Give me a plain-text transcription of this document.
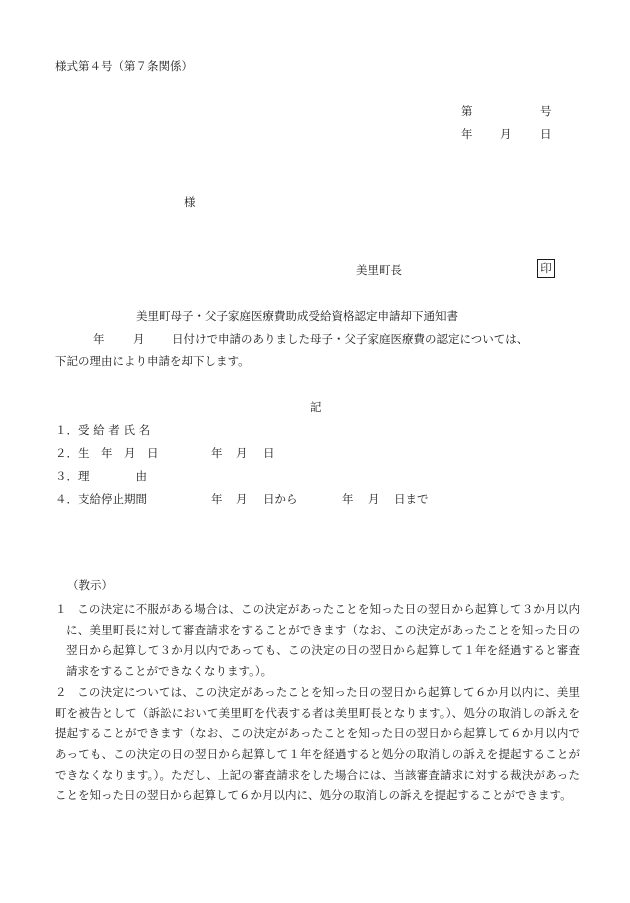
様式第４号（第７条関係）
第	号
年 月 日
様
美里町長	印
美里町母子・父子家庭医療費助成受給資格認定申請却下通知書
年 月 日付けで申請のありました母子・父子家庭医療費の認定については、
下記の理由により申請を却下します。
記
１．受 給 者 氏 名
２．生　年　月　日	年 月 日
３．理　　　　由
４．支給停止期間	年 月 日から	年 月 日まで
（教示）
１ この決定に不服がある場合は、この決定があったことを知った日の翌日から起算して３か月以内に、美里町長に対して審査請求をすることができます（なお、この決定があったことを知った日の翌日から起算して３か月以内であっても、この決定の日の翌日から起算して１年を経過すると審査請求をすることができなくなります。）。
２ この決定については、この決定があったことを知った日の翌日から起算して６か月以内に、美里町を被告として（訴訟において美里町を代表する者は美里町長となります。）、処分の取消しの訴えを提起することができます（なお、この決定があったことを知った日の翌日から起算して６か月以内であっても、この決定の日の翌日から起算して１年を経過すると処分の取消しの訴えを提起することができなくなります。）。ただし、上記の審査請求をした場合には、当該審査請求に対する裁決があったことを知った日の翌日から起算して６か月以内に、処分の取消しの訴えを提起することができます。
